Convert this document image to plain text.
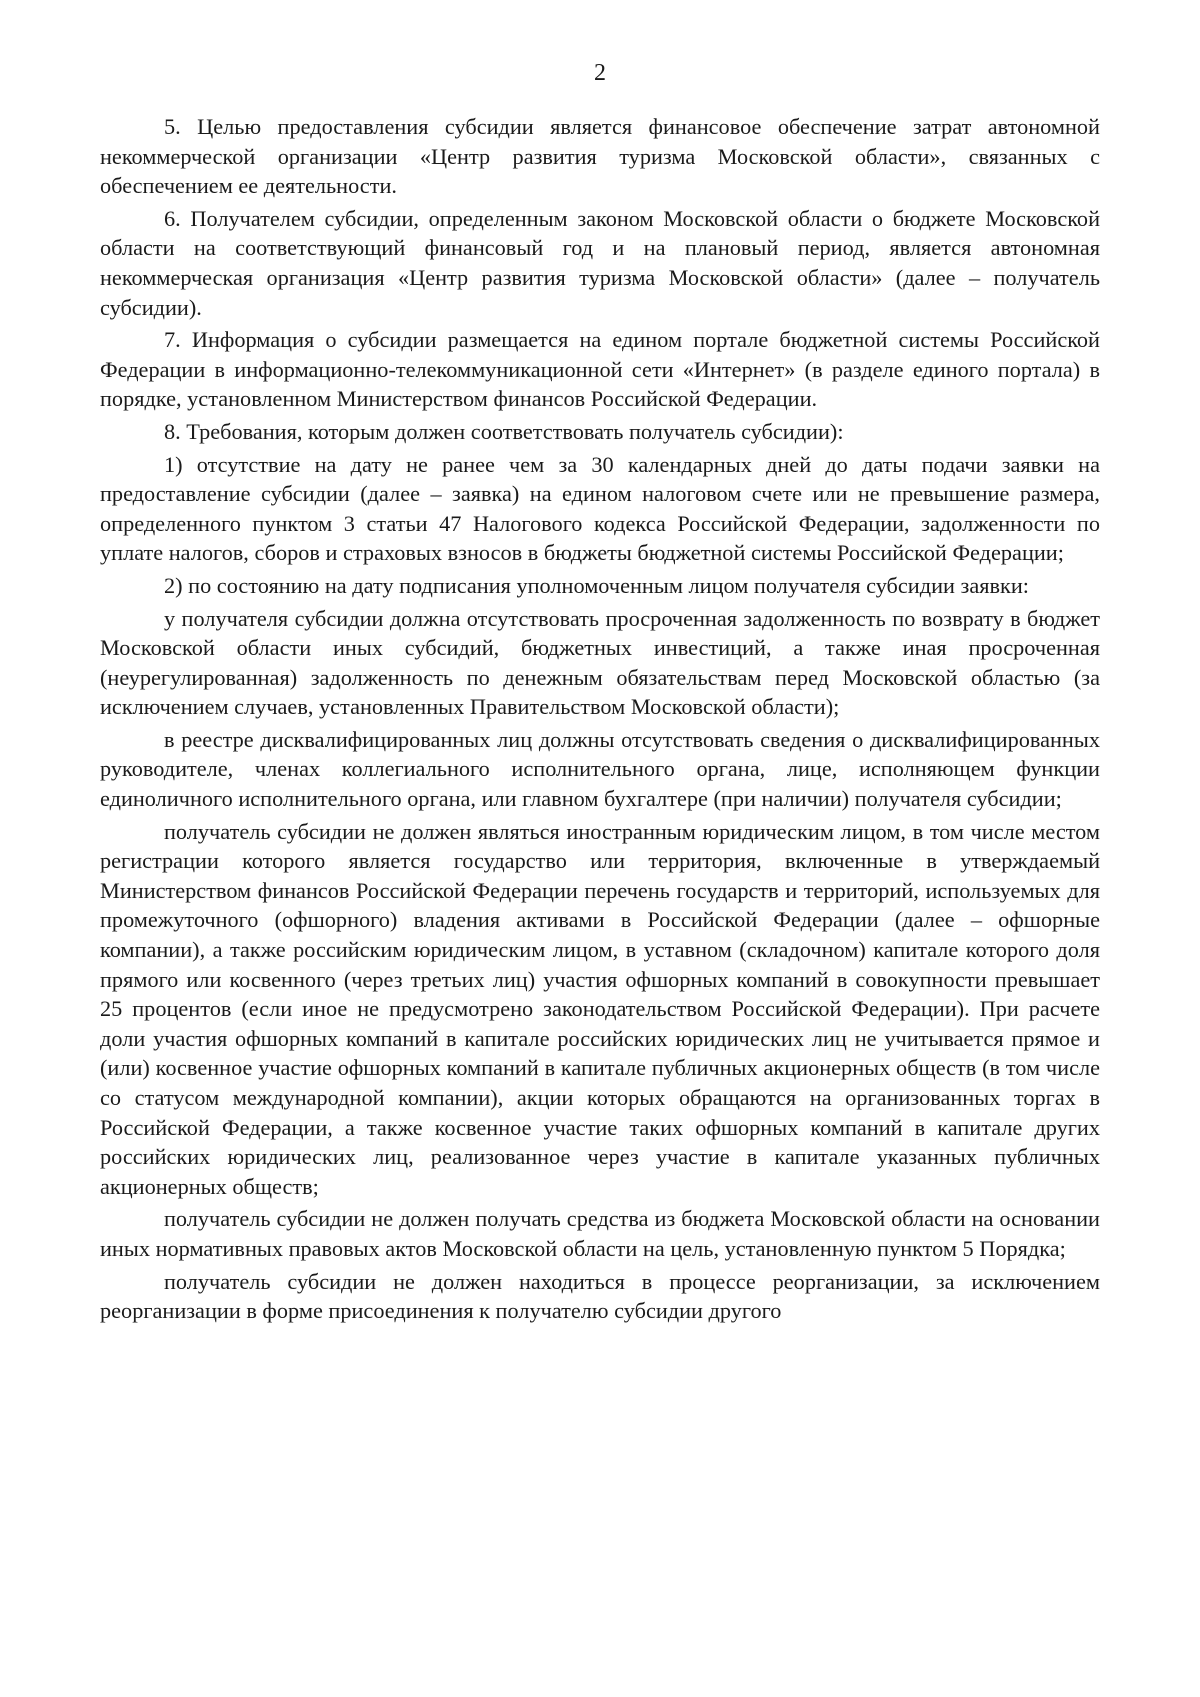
2

5. Целью предоставления субсидии является финансовое обеспечение затрат автономной некоммерческой организации «Центр развития туризма Московской области», связанных с обеспечением ее деятельности.

6. Получателем субсидии, определенным законом Московской области о бюджете Московской области на соответствующий финансовый год и на плановый период, является автономная некоммерческая организация «Центр развития туризма Московской области» (далее – получатель субсидии).

7. Информация о субсидии размещается на едином портале бюджетной системы Российской Федерации в информационно-телекоммуникационной сети «Интернет» (в разделе единого портала) в порядке, установленном Министерством финансов Российской Федерации.

8. Требования, которым должен соответствовать получатель субсидии):

1) отсутствие на дату не ранее чем за 30 календарных дней до даты подачи заявки на предоставление субсидии (далее – заявка) на едином налоговом счете или не превышение размера, определенного пунктом 3 статьи 47 Налогового кодекса Российской Федерации, задолженности по уплате налогов, сборов и страховых взносов в бюджеты бюджетной системы Российской Федерации;

2) по состоянию на дату подписания уполномоченным лицом получателя субсидии заявки:

у получателя субсидии должна отсутствовать просроченная задолженность по возврату в бюджет Московской области иных субсидий, бюджетных инвестиций, а также иная просроченная (неурегулированная) задолженность по денежным обязательствам перед Московской областью (за исключением случаев, установленных Правительством Московской области);

в реестре дисквалифицированных лиц должны отсутствовать сведения о дисквалифицированных руководителе, членах коллегиального исполнительного органа, лице, исполняющем функции единоличного исполнительного органа, или главном бухгалтере (при наличии) получателя субсидии;

получатель субсидии не должен являться иностранным юридическим лицом, в том числе местом регистрации которого является государство или территория, включенные в утверждаемый Министерством финансов Российской Федерации перечень государств и территорий, используемых для промежуточного (офшорного) владения активами в Российской Федерации (далее – офшорные компании), а также российским юридическим лицом, в уставном (складочном) капитале которого доля прямого или косвенного (через третьих лиц) участия офшорных компаний в совокупности превышает 25 процентов (если иное не предусмотрено законодательством Российской Федерации). При расчете доли участия офшорных компаний в капитале российских юридических лиц не учитывается прямое и (или) косвенное участие офшорных компаний в капитале публичных акционерных обществ (в том числе со статусом международной компании), акции которых обращаются на организованных торгах в Российской Федерации, а также косвенное участие таких офшорных компаний в капитале других российских юридических лиц, реализованное через участие в капитале указанных публичных акционерных обществ;

получатель субсидии не должен получать средства из бюджета Московской области на основании иных нормативных правовых актов Московской области на цель, установленную пунктом 5 Порядка;

получатель субсидии не должен находиться в процессе реорганизации, за исключением реорганизации в форме присоединения к получателю субсидии другого
